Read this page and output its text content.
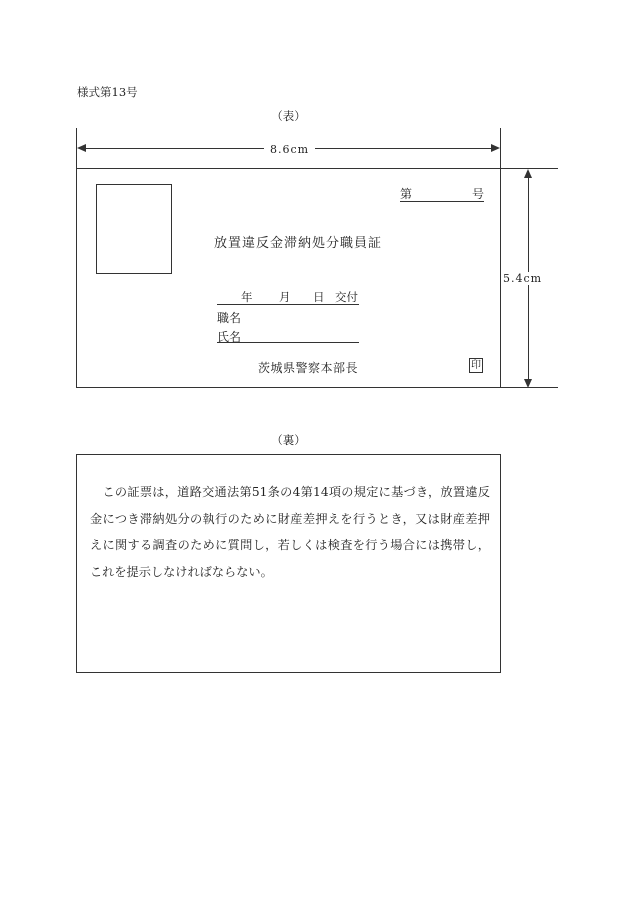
様式第13号
（表）
8.6cm
5.4cm
第	号
放置違反金滞納処分職員証
年 月 日 交付
職名
氏名
茨城県警察本部長	印
（裏）
　この証票は，道路交通法第51条の4第14項の規定に基づき，放置違反金につき滞納処分の執行のために財産差押えを行うとき，又は財産差押えに関する調査のために質問し，若しくは検査を行う場合には携帯し，これを提示しなければならない。
